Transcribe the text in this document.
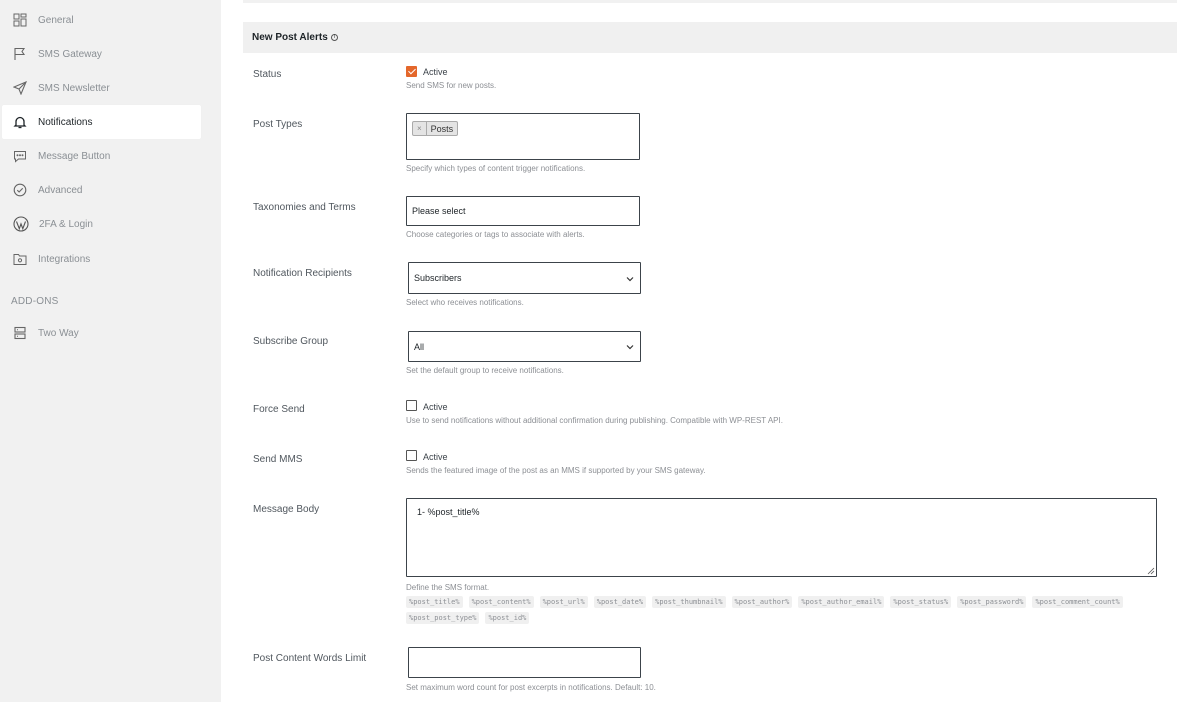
General
SMS Gateway
SMS Newsletter
Notifications
Message Button
Advanced
2FA & Login
Integrations
ADD-ONS
Two Way
New Post Alerts	i
Status	Active
Send SMS for new posts.
Post Types	×	Posts
Specify which types of content trigger notifications.
Taxonomies and Terms	Please select
Choose categories or tags to associate with alerts.
Notification Recipients	Subscribers
Select who receives notifications.
Subscribe Group	All
Set the default group to receive notifications.
Force Send	Active
Use to send notifications without additional confirmation during publishing. Compatible with WP-REST API.
Send MMS	Active
Sends the featured image of the post as an MMS if supported by your SMS gateway.
Message Body	1- %post_title%
Define the SMS format.
%post_title%	%post_content%	%post_url%	%post_date%	%post_thumbnail%	%post_author%	%post_author_email%	%post_status%	%post_password%	%post_comment_count%
%post_post_type%	%post_id%
Post Content Words Limit
Set maximum word count for post excerpts in notifications. Default: 10.
